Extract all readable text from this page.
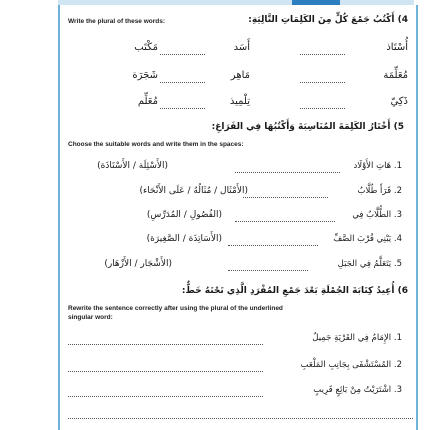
4) أَكْتُبُ جَمْعَ كُلٍّ مِنَ الكَلِمَاتِ التَّالِيَةِ:
Write the plural of these words:
أُسْتَاذ
أَسَد
مَكْتَب
مُعَلِّمَة
مَاهِر
شَجَرَة
ذَكِيّ
تِلْمِيذ
مُعَلِّم
5) أَخْتَارُ الكَلِمَةَ المُنَاسِبَةَ وَأَكْتُبُهَا فِي الفَرَاغِ:
Choose the suitable words and write them in the spaces:
1. هَاتِ الأَوْلَاد
(الأَسْئِلَة / الأَسْتَاذَة)
2. قَرَأَ طُلَّابُ
(الأَمْثَال / مُثَالُهُ / عَلَى الأَنْحَاء)
3. الطُّلَّابُ فِي
(الفُصُولِ / المُدَرِّسِ)
4. يَبْنِي قُرْبَ الصَّفِّ
(الأَسَاتِذَة / الصَّغِيرَة)
5. يَتَعَلَّمُ فِي الجَبَلِ
(الأَشْجَار / الأَزْهَار)
6) أُعِيدُ كِتَابَةَ الجُمْلَةِ بَعْدَ جَمْعِ المُفْرَدِ الَّذِي تَحْتَهُ خَطٌّ:
Rewrite the sentence correctly after using the plural of the underlined
singular word:
1. الإِمَامُ فِي القَرْيَةِ جَمِيلٌ
2. المُسْتَشْفَى بِجَانِبِ المَلْعَبِ
3. اشْتَرَيْتُ مِنْ بَائِعٍ قَرِيبٍ
